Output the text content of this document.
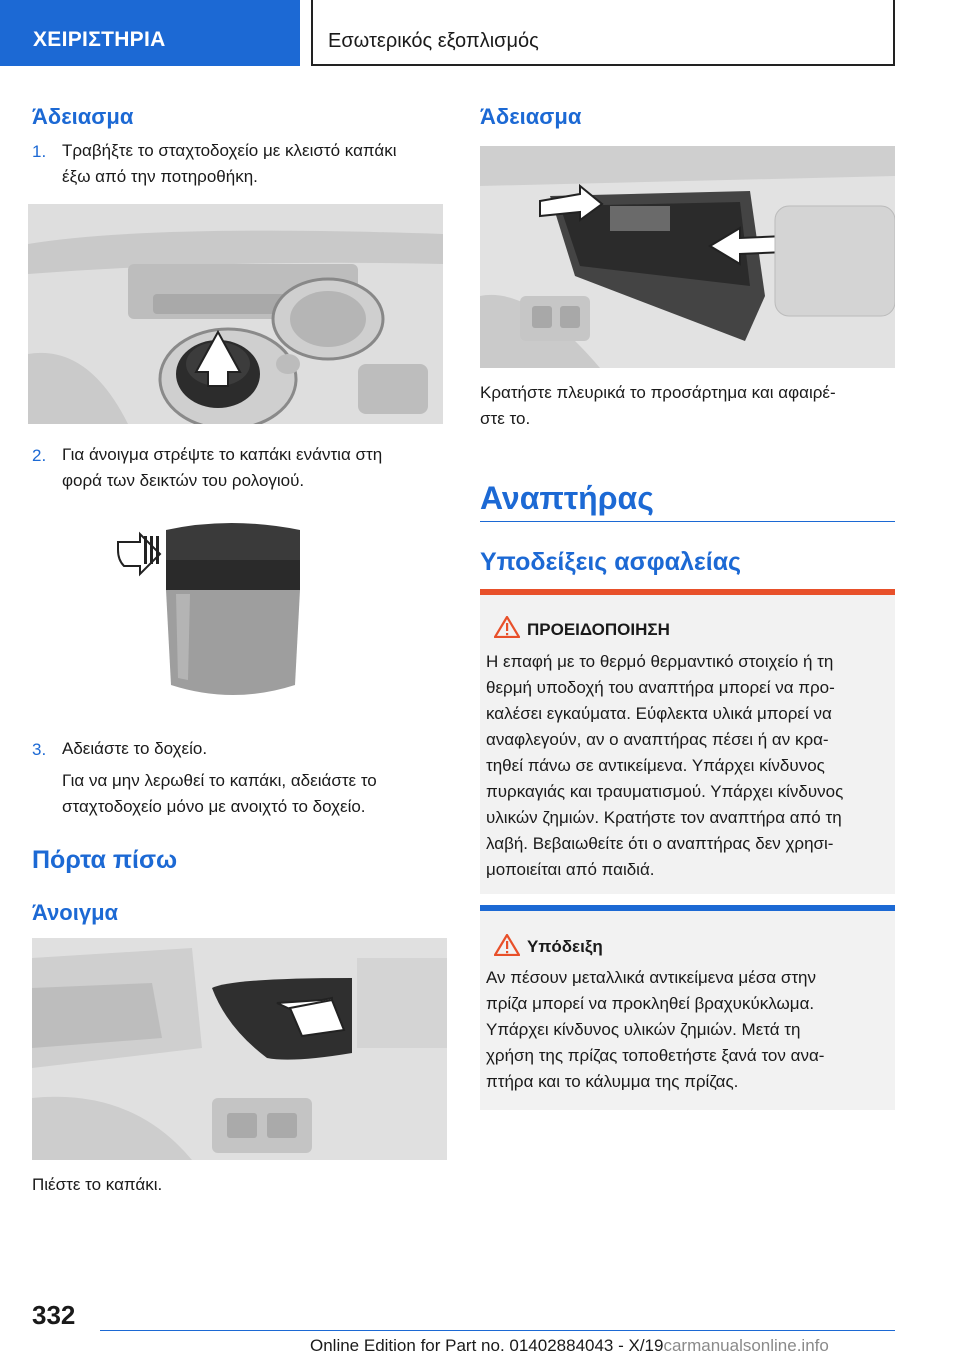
ΧΕΙΡΙΣΤΗΡΙΑ	Εσωτερικός εξοπλισμός
Άδειασμα
1. Τραβήξτε το σταχτοδοχείο με κλειστό καπάκι
έξω από την ποτηροθήκη.
2. Για άνοιγμα στρέψτε το καπάκι ενάντια στη
φορά των δεικτών του ρολογιού.
3. Αδειάστε το δοχείο.
Για να μην λερωθεί το καπάκι, αδειάστε το
σταχτοδοχείο μόνο με ανοιχτό το δοχείο.
Πόρτα πίσω
Άνοιγμα
Πιέστε το καπάκι.
Άδειασμα
Κρατήστε πλευρικά το προσάρτημα και αφαιρέ-
στε το.
Αναπτήρας
Υποδείξεις ασφαλείας
ΠΡΟΕΙΔΟΠΟΙΗΣΗ
Η επαφή με το θερμό θερμαντικό στοιχείο ή τη
θερμή υποδοχή του αναπτήρα μπορεί να προ-
καλέσει εγκαύματα. Εύφλεκτα υλικά μπορεί να
αναφλεγούν, αν ο αναπτήρας πέσει ή αν κρα-
τηθεί πάνω σε αντικείμενα. Υπάρχει κίνδυνος
πυρκαγιάς και τραυματισμού. Υπάρχει κίνδυνος
υλικών ζημιών. Κρατήστε τον αναπτήρα από τη
λαβή. Βεβαιωθείτε ότι ο αναπτήρας δεν χρησι-
μοποιείται από παιδιά.
Υπόδειξη
Αν πέσουν μεταλλικά αντικείμενα μέσα στην
πρίζα μπορεί να προκληθεί βραχυκύκλωμα.
Υπάρχει κίνδυνος υλικών ζημιών. Μετά τη
χρήση της πρίζας τοποθετήστε ξανά τον ανα-
πτήρα και το κάλυμμα της πρίζας.
332
Online Edition for Part no. 01402884043 - X/19carmanualsonline.info
